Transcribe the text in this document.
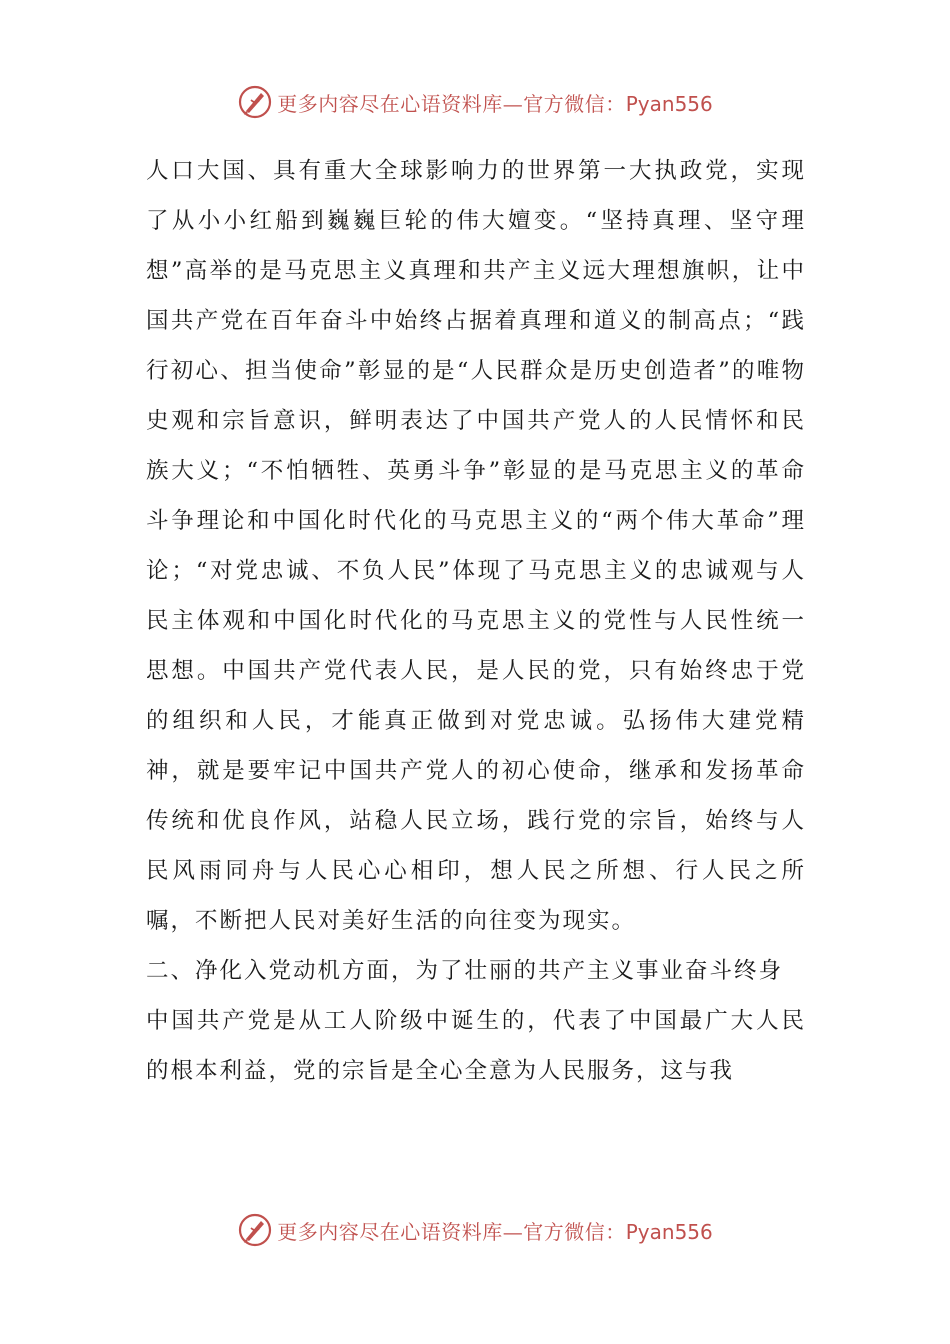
更多内容尽在心语资料库—官方微信：Pyan556

人口大国、具有重大全球影响力的世界第一大执政党，实现了从小小红船到巍巍巨轮的伟大嬗变。“坚持真理、坚守理想”高举的是马克思主义真理和共产主义远大理想旗帜，让中国共产党在百年奋斗中始终占据着真理和道义的制高点；“践行初心、担当使命”彰显的是“人民群众是历史创造者”的唯物史观和宗旨意识，鲜明表达了中国共产党人的人民情怀和民族大义；“不怕牺牲、英勇斗争”彰显的是马克思主义的革命斗争理论和中国化时代化的马克思主义的“两个伟大革命”理论；“对党忠诚、不负人民”体现了马克思主义的忠诚观与人民主体观和中国化时代化的马克思主义的党性与人民性统一思想。中国共产党代表人民，是人民的党，只有始终忠于党的组织和人民，才能真正做到对党忠诚。弘扬伟大建党精神，就是要牢记中国共产党人的初心使命，继承和发扬革命传统和优良作风，站稳人民立场，践行党的宗旨，始终与人民风雨同舟与人民心心相印，想人民之所想、行人民之所嘱，不断把人民对美好生活的向往变为现实。

二、净化入党动机方面，为了壮丽的共产主义事业奋斗终身

中国共产党是从工人阶级中诞生的，代表了中国最广大人民的根本利益，党的宗旨是全心全意为人民服务，这与我

更多内容尽在心语资料库—官方微信：Pyan556
